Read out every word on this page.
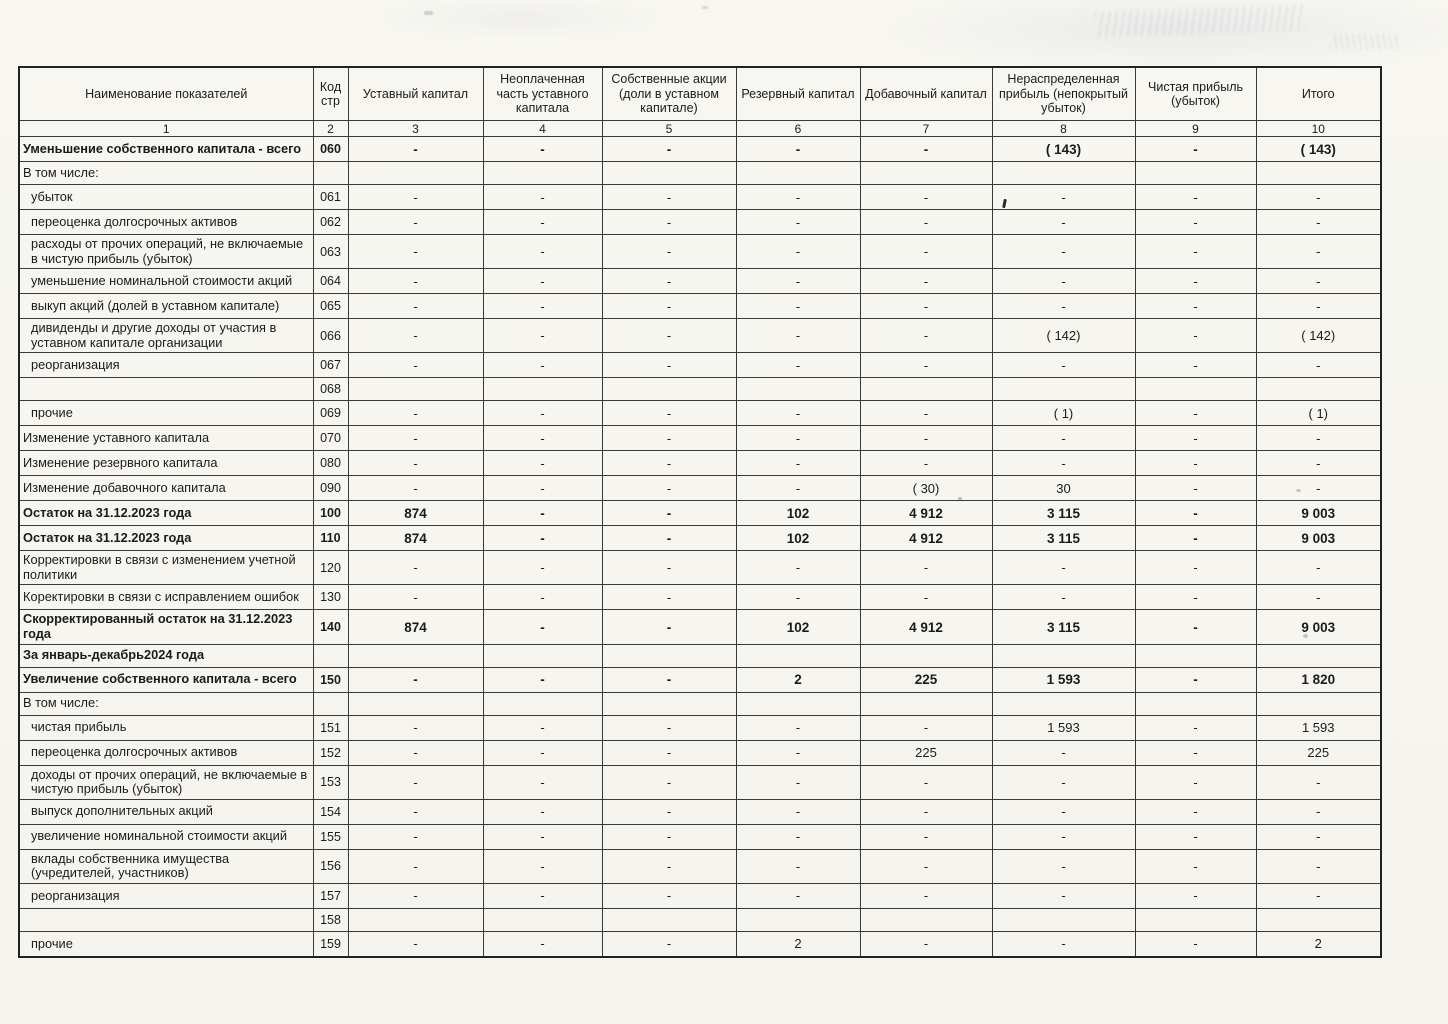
Наименование показателей	Код стр	Уставный капитал	Неоплаченная часть уставного капитала	Собственные акции (доли в уставном капитале)	Резервный капитал	Добавочный капитал	Нераспределенная прибыль (непокрытый убыток)	Чистая прибыль (убыток)	Итого
1	2	3	4	5	6	7	8	9	10
Уменьшение собственного капитала - всего	060	-	-	-	-	-	( 143)	-	( 143)
В том числе:									
убыток	061	-	-	-	-	-	-	-	-
переоценка долгосрочных активов	062	-	-	-	-	-	-	-	-
расходы от прочих операций, не включаемые в чистую прибыль (убыток)	063	-	-	-	-	-	-	-	-
уменьшение номинальной стоимости акций	064	-	-	-	-	-	-	-	-
выкуп акций (долей в уставном капитале)	065	-	-	-	-	-	-	-	-
дивиденды и другие доходы от участия в уставном капитале организации	066	-	-	-	-	-	( 142)	-	( 142)
реорганизация	067	-	-	-	-	-	-	-	-
	068								
прочие	069	-	-	-	-	-	( 1)	-	( 1)
Изменение уставного капитала	070	-	-	-	-	-	-	-	-
Изменение резервного капитала	080	-	-	-	-	-	-	-	-
Изменение добавочного капитала	090	-	-	-	-	( 30)	30	-	-
Остаток на 31.12.2023 года	100	874	-	-	102	4 912	3 115	-	9 003
Остаток на 31.12.2023 года	110	874	-	-	102	4 912	3 115	-	9 003
Корректировки в связи с изменением учетной политики	120	-	-	-	-	-	-	-	-
Коректировки в связи с исправлением ошибок	130	-	-	-	-	-	-	-	-
Скорректированный остаток на 31.12.2023 года	140	874	-	-	102	4 912	3 115	-	9 003
За январь-декабрь2024 года									
Увеличение собственного капитала - всего	150	-	-	-	2	225	1 593	-	1 820
В том числе:									
чистая прибыль	151	-	-	-	-	-	1 593	-	1 593
переоценка долгосрочных активов	152	-	-	-	-	225	-	-	225
доходы от прочих операций, не включаемые в чистую прибыль (убыток)	153	-	-	-	-	-	-	-	-
выпуск дополнительных акций	154	-	-	-	-	-	-	-	-
увеличение номинальной стоимости акций	155	-	-	-	-	-	-	-	-
вклады собственника имущества (учредителей, участников)	156	-	-	-	-	-	-	-	-
реорганизация	157	-	-	-	-	-	-	-	-
	158								
прочие	159	-	-	-	2	-	-	-	2
